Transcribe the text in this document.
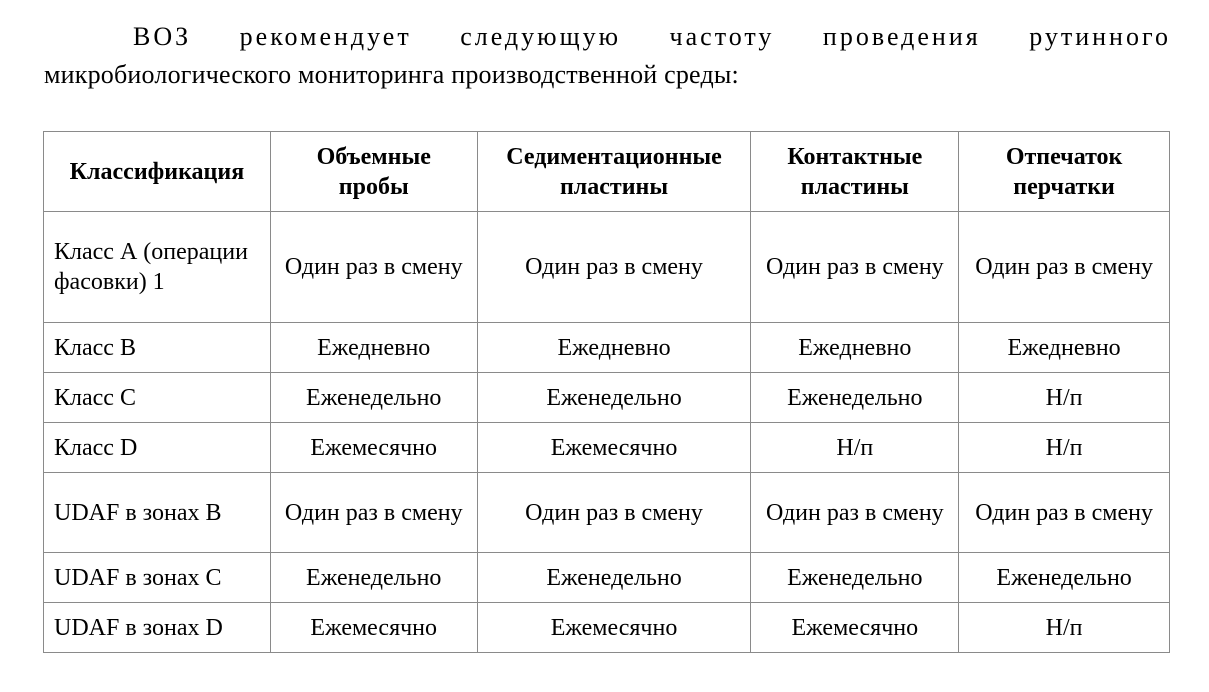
ВОЗ рекомендует следующую частоту проведения рутинного
микробиологического мониторинга производственной среды:

Классификация	Объемные пробы	Седиментационные пластины	Контактные пластины	Отпечаток перчатки
Класс А (операции фасовки) 1	Один раз в смену	Один раз в смену	Один раз в смену	Один раз в смену
Класс В	Ежедневно	Ежедневно	Ежедневно	Ежедневно
Класс С	Еженедельно	Еженедельно	Еженедельно	Н/п
Класс D	Ежемесячно	Ежемесячно	Н/п	Н/п
UDAF в зонах В	Один раз в смену	Один раз в смену	Один раз в смену	Один раз в смену
UDAF в зонах С	Еженедельно	Еженедельно	Еженедельно	Еженедельно
UDAF в зонах D	Ежемесячно	Ежемесячно	Ежемесячно	Н/п
